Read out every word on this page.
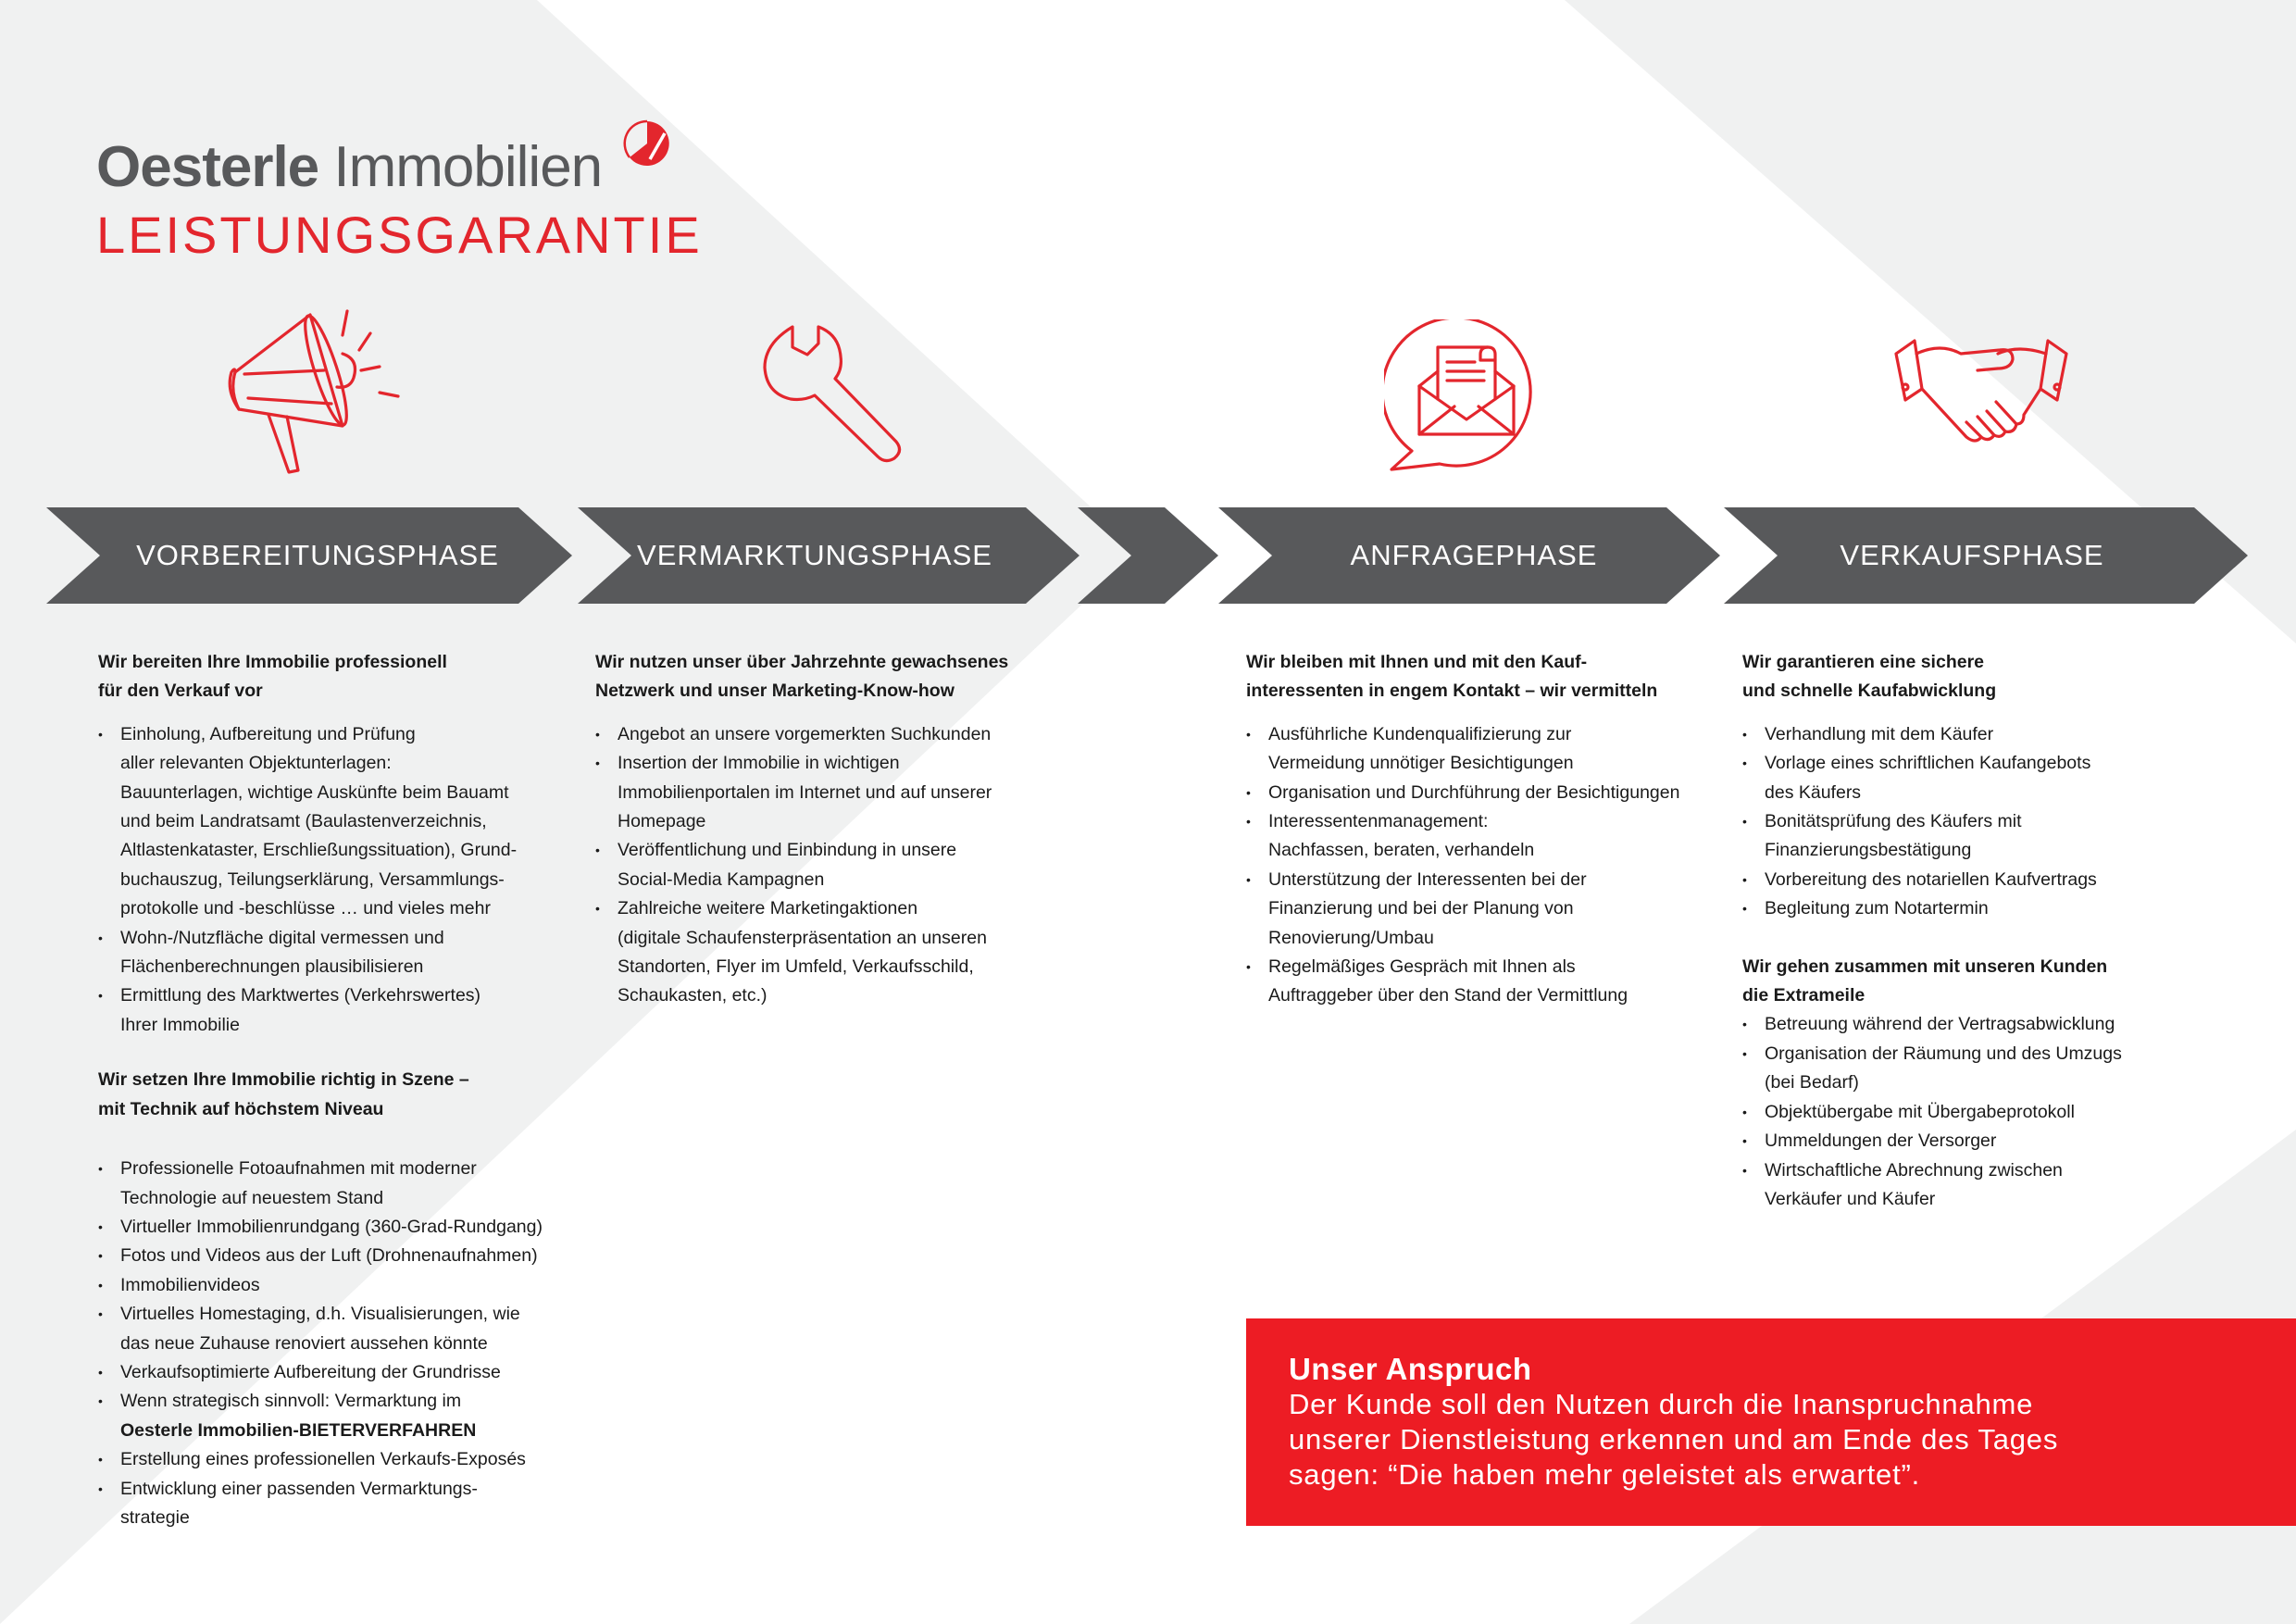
Oesterle Immobilien
LEISTUNGSGARANTIE
VORBEREITUNGSPHASE	VERMARKTUNGSPHASE	ANFRAGEPHASE	VERKAUFSPHASE
Wir bereiten Ihre Immobilie professionell
für den Verkauf vor
• Einholung, Aufbereitung und Prüfung
aller relevanten Objektunterlagen:
Bauunterlagen, wichtige Auskünfte beim Bauamt
und beim Landratsamt (Baulastenverzeichnis,
Altlastenkataster, Erschließungssituation), Grund-
buchauszug, Teilungserklärung, Versammlungs-
protokolle und -beschlüsse … und vieles mehr
• Wohn-/Nutzfläche digital vermessen und
Flächenberechnungen plausibilisieren
• Ermittlung des Marktwertes (Verkehrswertes)
Ihrer Immobilie
Wir setzen Ihre Immobilie richtig in Szene –
mit Technik auf höchstem Niveau
• Professionelle Fotoaufnahmen mit moderner
Technologie auf neuestem Stand
• Virtueller Immobilienrundgang (360-Grad-Rundgang)
• Fotos und Videos aus der Luft (Drohnenaufnahmen)
• Immobilienvideos
• Virtuelles Homestaging, d.h. Visualisierungen, wie
das neue Zuhause renoviert aussehen könnte
• Verkaufsoptimierte Aufbereitung der Grundrisse
• Wenn strategisch sinnvoll: Vermarktung im
Oesterle Immobilien-BIETERVERFAHREN
• Erstellung eines professionellen Verkaufs-Exposés
• Entwicklung einer passenden Vermarktungs-
strategie
Wir nutzen unser über Jahrzehnte gewachsenes
Netzwerk und unser Marketing-Know-how
• Angebot an unsere vorgemerkten Suchkunden
• Insertion der Immobilie in wichtigen
Immobilienportalen im Internet und auf unserer
Homepage
• Veröffentlichung und Einbindung in unsere
Social-Media Kampagnen
• Zahlreiche weitere Marketingaktionen
(digitale Schaufensterpräsentation an unseren
Standorten, Flyer im Umfeld, Verkaufsschild,
Schaukasten, etc.)
Wir bleiben mit Ihnen und mit den Kauf-
interessenten in engem Kontakt – wir vermitteln
• Ausführliche Kundenqualifizierung zur
Vermeidung unnötiger Besichtigungen
• Organisation und Durchführung der Besichtigungen
• Interessentenmanagement:
Nachfassen, beraten, verhandeln
• Unterstützung der Interessenten bei der
Finanzierung und bei der Planung von
Renovierung/Umbau
• Regelmäßiges Gespräch mit Ihnen als
Auftraggeber über den Stand der Vermittlung
Wir garantieren eine sichere
und schnelle Kaufabwicklung
• Verhandlung mit dem Käufer
• Vorlage eines schriftlichen Kaufangebots
des Käufers
• Bonitätsprüfung des Käufers mit
Finanzierungsbestätigung
• Vorbereitung des notariellen Kaufvertrags
• Begleitung zum Notartermin
Wir gehen zusammen mit unseren Kunden
die Extrameile
• Betreuung während der Vertragsabwicklung
• Organisation der Räumung und des Umzugs
(bei Bedarf)
• Objektübergabe mit Übergabeprotokoll
• Ummeldungen der Versorger
• Wirtschaftliche Abrechnung zwischen
Verkäufer und Käufer
Unser Anspruch
Der Kunde soll den Nutzen durch die Inanspruchnahme
unserer Dienstleistung erkennen und am Ende des Tages
sagen: “Die haben mehr geleistet als erwartet”.
